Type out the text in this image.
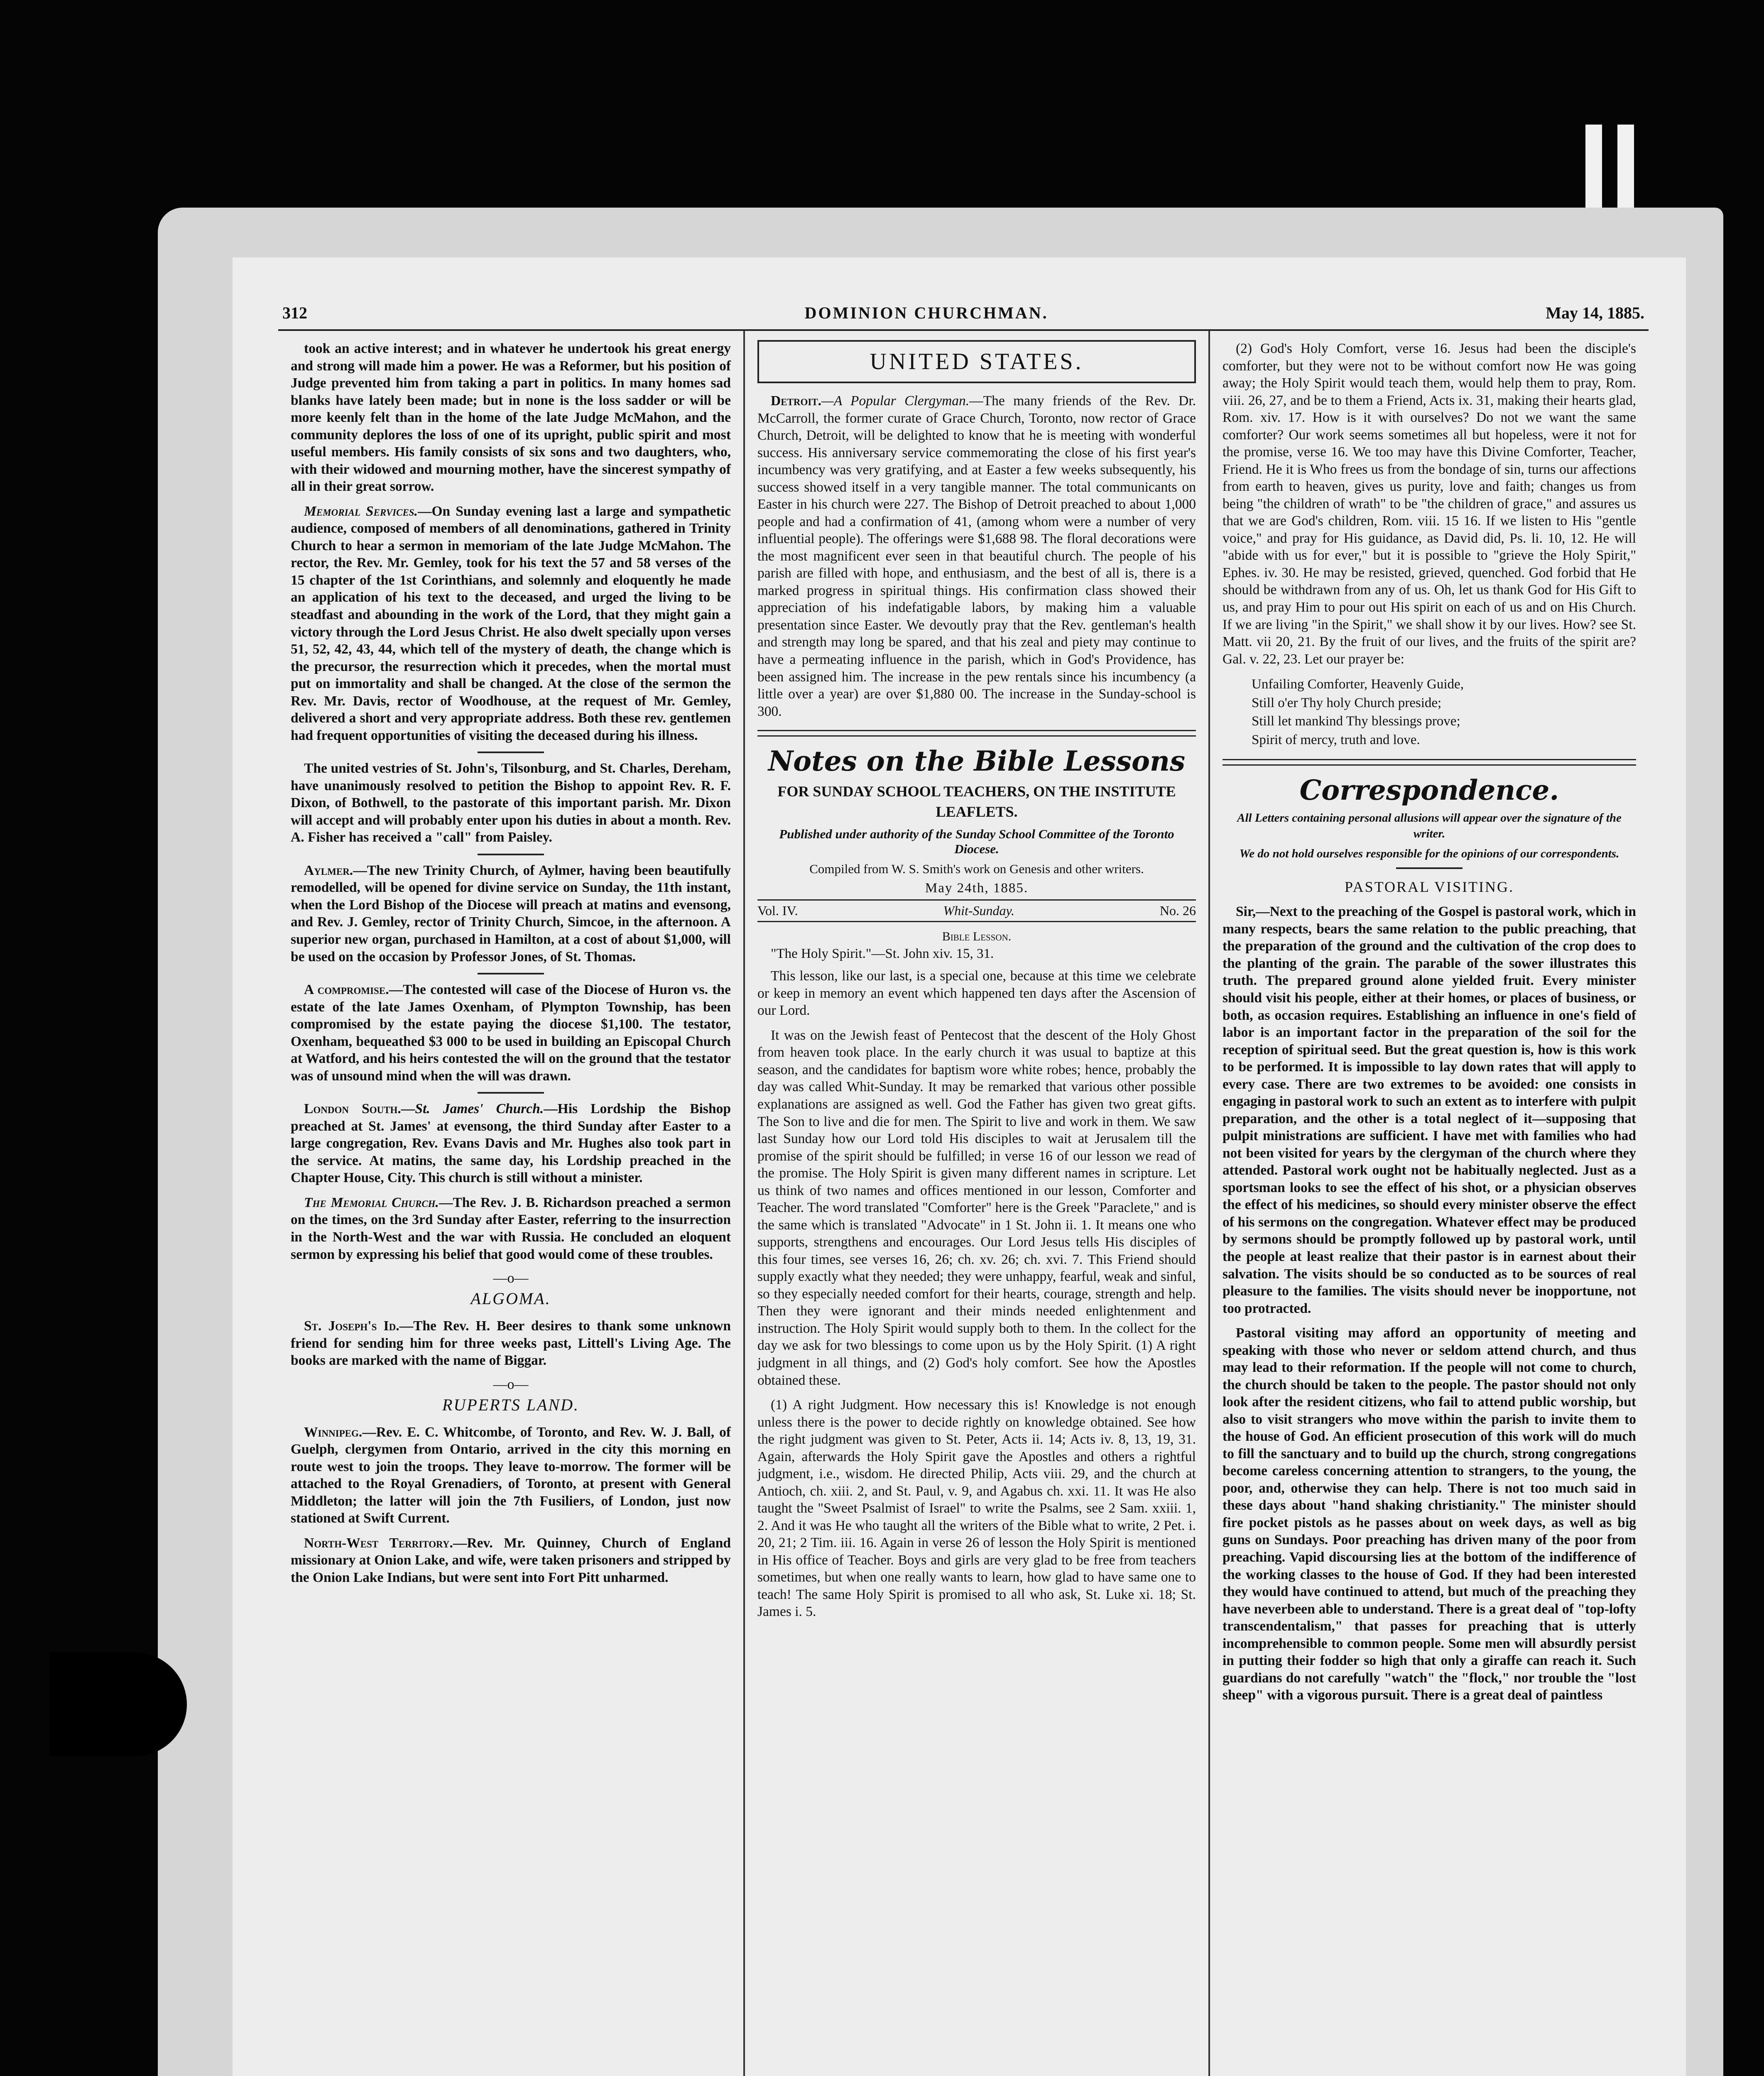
312	DOMINION CHURCHMAN.	May 14, 1885.

took an active interest; and in whatever he undertook his great energy and strong will made him a power. He was a Reformer, but his position of Judge prevented him from taking a part in politics. In many homes sad blanks have lately been made; but in none is the loss sadder or will be more keenly felt than in the home of the late Judge McMahon, and the community deplores the loss of one of its upright, public spirit and most useful members. His family consists of six sons and two daughters, who, with their widowed and mourning mother, have the sincerest sympathy of all in their great sorrow.

Memorial Services.—On Sunday evening last a large and sympathetic audience, composed of members of all denominations, gathered in Trinity Church to hear a sermon in memoriam of the late Judge McMahon. The rector, the Rev. Mr. Gemley, took for his text the 57 and 58 verses of the 15 chapter of the 1st Corinthians, and solemnly and eloquently he made an application of his text to the deceased, and urged the living to be steadfast and abounding in the work of the Lord, that they might gain a victory through the Lord Jesus Christ. He also dwelt specially upon verses 51, 52, 42, 43, 44, which tell of the mystery of death, the change which is the precursor, the resurrection which it precedes, when the mortal must put on immortality and shall be changed. At the close of the sermon the Rev. Mr. Davis, rector of Woodhouse, at the request of Mr. Gemley, delivered a short and very appropriate address. Both these rev. gentlemen had frequent opportunities of visiting the deceased during his illness.

The united vestries of St. John's, Tilsonburg, and St. Charles, Dereham, have unanimously resolved to petition the Bishop to appoint Rev. R. F. Dixon, of Bothwell, to the pastorate of this important parish. Mr. Dixon will accept and will probably enter upon his duties in about a month. Rev. A. Fisher has received a "call" from Paisley.

Aylmer.—The new Trinity Church, of Aylmer, having been beautifully remodelled, will be opened for divine service on Sunday, the 11th instant, when the Lord Bishop of the Diocese will preach at matins and evensong, and Rev. J. Gemley, rector of Trinity Church, Simcoe, in the afternoon. A superior new organ, purchased in Hamilton, at a cost of about $1,000, will be used on the occasion by Professor Jones, of St. Thomas.

A compromise.—The contested will case of the Diocese of Huron vs. the estate of the late James Oxenham, of Plympton Township, has been compromised by the estate paying the diocese $1,100. The testator, Oxenham, bequeathed $3 000 to be used in building an Episcopal Church at Watford, and his heirs contested the will on the ground that the testator was of unsound mind when the will was drawn.

London South.—St. James' Church.—His Lordship the Bishop preached at St. James' at evensong, the third Sunday after Easter to a large congregation, Rev. Evans Davis and Mr. Hughes also took part in the service. At matins, the same day, his Lordship preached in the Chapter House, City. This church is still without a minister.

The Memorial Church.—The Rev. J. B. Richardson preached a sermon on the times, on the 3rd Sunday after Easter, referring to the insurrection in the North-West and the war with Russia. He concluded an eloquent sermon by expressing his belief that good would come of these troubles.

—o—
ALGOMA.

St. Joseph's Id.—The Rev. H. Beer desires to thank some unknown friend for sending him for three weeks past, Littell's Living Age. The books are marked with the name of Biggar.

—o—
RUPERTS LAND.

Winnipeg.—Rev. E. C. Whitcombe, of Toronto, and Rev. W. J. Ball, of Guelph, clergymen from Ontario, arrived in the city this morning en route west to join the troops. They leave to-morrow. The former will be attached to the Royal Grenadiers, of Toronto, at present with General Middleton; the latter will join the 7th Fusiliers, of London, just now stationed at Swift Current.

North-West Territory.—Rev. Mr. Quinney, Church of England missionary at Onion Lake, and wife, were taken prisoners and stripped by the Onion Lake Indians, but were sent into Fort Pitt unharmed.

UNITED STATES.

Detroit.—A Popular Clergyman.—The many friends of the Rev. Dr. McCarroll, the former curate of Grace Church, Toronto, now rector of Grace Church, Detroit, will be delighted to know that he is meeting with wonderful success. His anniversary service commemorating the close of his first year's incumbency was very gratifying, and at Easter a few weeks subsequently, his success showed itself in a very tangible manner. The total communicants on Easter in his church were 227. The Bishop of Detroit preached to about 1,000 people and had a confirmation of 41, (among whom were a number of very influential people). The offerings were $1,688 98. The floral decorations were the most magnificent ever seen in that beautiful church. The people of his parish are filled with hope, and enthusiasm, and the best of all is, there is a marked progress in spiritual things. His confirmation class showed their appreciation of his indefatigable labors, by making him a valuable presentation since Easter. We devoutly pray that the Rev. gentleman's health and strength may long be spared, and that his zeal and piety may continue to have a permeating influence in the parish, which in God's Providence, has been assigned him. The increase in the pew rentals since his incumbency (a little over a year) are over $1,880 00. The increase in the Sunday-school is 300.

Notes on the Bible Lessons
FOR SUNDAY SCHOOL TEACHERS, ON THE INSTITUTE LEAFLETS.
Published under authority of the Sunday School Committee of the Toronto Diocese.
Compiled from W. S. Smith's work on Genesis and other writers.
May 24th, 1885.
Vol. IV.	Whit-Sunday.	No. 26
Bible Lesson.
"The Holy Spirit."—St. John xiv. 15, 31.

This lesson, like our last, is a special one, because at this time we celebrate or keep in memory an event which happened ten days after the Ascension of our Lord.

It was on the Jewish feast of Pentecost that the descent of the Holy Ghost from heaven took place. In the early church it was usual to baptize at this season, and the candidates for baptism wore white robes; hence, probably the day was called Whit-Sunday. It may be remarked that various other possible explanations are assigned as well. God the Father has given two great gifts. The Son to live and die for men. The Spirit to live and work in them. We saw last Sunday how our Lord told His disciples to wait at Jerusalem till the promise of the spirit should be fulfilled; in verse 16 of our lesson we read of the promise. The Holy Spirit is given many different names in scripture. Let us think of two names and offices mentioned in our lesson, Comforter and Teacher. The word translated "Comforter" here is the Greek "Paraclete," and is the same which is translated "Advocate" in 1 St. John ii. 1. It means one who supports, strengthens and encourages. Our Lord Jesus tells His disciples of this four times, see verses 16, 26; ch. xv. 26; ch. xvi. 7. This Friend should supply exactly what they needed; they were unhappy, fearful, weak and sinful, so they especially needed comfort for their hearts, courage, strength and help. Then they were ignorant and their minds needed enlightenment and instruction. The Holy Spirit would supply both to them. In the collect for the day we ask for two blessings to come upon us by the Holy Spirit. (1) A right judgment in all things, and (2) God's holy comfort. See how the Apostles obtained these.

(1) A right Judgment. How necessary this is! Knowledge is not enough unless there is the power to decide rightly on knowledge obtained. See how the right judgment was given to St. Peter, Acts ii. 14; Acts iv. 8, 13, 19, 31. Again, afterwards the Holy Spirit gave the Apostles and others a rightful judgment, i.e., wisdom. He directed Philip, Acts viii. 29, and the church at Antioch, ch. xiii. 2, and St. Paul, v. 9, and Agabus ch. xxi. 11. It was He also taught the "Sweet Psalmist of Israel" to write the Psalms, see 2 Sam. xxiii. 1, 2. And it was He who taught all the writers of the Bible what to write, 2 Pet. i. 20, 21; 2 Tim. iii. 16. Again in verse 26 of lesson the Holy Spirit is mentioned in His office of Teacher. Boys and girls are very glad to be free from teachers sometimes, but when one really wants to learn, how glad to have same one to teach! The same Holy Spirit is promised to all who ask, St. Luke xi. 18; St. James i. 5.

(2) God's Holy Comfort, verse 16. Jesus had been the disciple's comforter, but they were not to be without comfort now He was going away; the Holy Spirit would teach them, would help them to pray, Rom. viii. 26, 27, and be to them a Friend, Acts ix. 31, making their hearts glad, Rom. xiv. 17. How is it with ourselves? Do not we want the same comforter? Our work seems sometimes all but hopeless, were it not for the promise, verse 16. We too may have this Divine Comforter, Teacher, Friend. He it is Who frees us from the bondage of sin, turns our affections from earth to heaven, gives us purity, love and faith; changes us from being "the children of wrath" to be "the children of grace," and assures us that we are God's children, Rom. viii. 15 16. If we listen to His "gentle voice," and pray for His guidance, as David did, Ps. li. 10, 12. He will "abide with us for ever," but it is possible to "grieve the Holy Spirit," Ephes. iv. 30. He may be resisted, grieved, quenched. God forbid that He should be withdrawn from any of us. Oh, let us thank God for His Gift to us, and pray Him to pour out His spirit on each of us and on His Church. If we are living "in the Spirit," we shall show it by our lives. How? see St. Matt. vii 20, 21. By the fruit of our lives, and the fruits of the spirit are? Gal. v. 22, 23. Let our prayer be:

Unfailing Comforter, Heavenly Guide,
Still o'er Thy holy Church preside;
Still let mankind Thy blessings prove;
Spirit of mercy, truth and love.
Correspondence.
All Letters containing personal allusions will appear over the signature of the writer.
We do not hold ourselves responsible for the opinions of our correspondents.
PASTORAL VISITING.

Sir,—Next to the preaching of the Gospel is pastoral work, which in many respects, bears the same relation to the public preaching, that the preparation of the ground and the cultivation of the crop does to the planting of the grain. The parable of the sower illustrates this truth. The prepared ground alone yielded fruit. Every minister should visit his people, either at their homes, or places of business, or both, as occasion requires. Establishing an influence in one's field of labor is an important factor in the preparation of the soil for the reception of spiritual seed. But the great question is, how is this work to be performed. It is impossible to lay down rates that will apply to every case. There are two extremes to be avoided: one consists in engaging in pastoral work to such an extent as to interfere with pulpit preparation, and the other is a total neglect of it—supposing that pulpit ministrations are sufficient. I have met with families who had not been visited for years by the clergyman of the church where they attended. Pastoral work ought not be habitually neglected. Just as a sportsman looks to see the effect of his shot, or a physician observes the effect of his medicines, so should every minister observe the effect of his sermons on the congregation. Whatever effect may be produced by sermons should be promptly followed up by pastoral work, until the people at least realize that their pastor is in earnest about their salvation. The visits should be so conducted as to be sources of real pleasure to the families. The visits should never be inopportune, not too protracted.

Pastoral visiting may afford an opportunity of meeting and speaking with those who never or seldom attend church, and thus may lead to their reformation. If the people will not come to church, the church should be taken to the people. The pastor should not only look after the resident citizens, who fail to attend public worship, but also to visit strangers who move within the parish to invite them to the house of God. An efficient prosecution of this work will do much to fill the sanctuary and to build up the church, strong congregations become careless concerning attention to strangers, to the young, the poor, and, otherwise they can help. There is not too much said in these days about "hand shaking christianity." The minister should fire pocket pistols as he passes about on week days, as well as big guns on Sundays. Poor preaching has driven many of the poor from preaching. Vapid discoursing lies at the bottom of the indifference of the working classes to the house of God. If they had been interested they would have continued to attend, but much of the preaching they have neverbeen able to understand. There is a great deal of "top-lofty transcendentalism," that passes for preaching that is utterly incomprehensible to common people. Some men will absurdly persist in putting their fodder so high that only a giraffe can reach it. Such guardians do not carefully "watch" the "flock," nor trouble the "lost sheep" with a vigorous pursuit. There is a great deal of paintless
